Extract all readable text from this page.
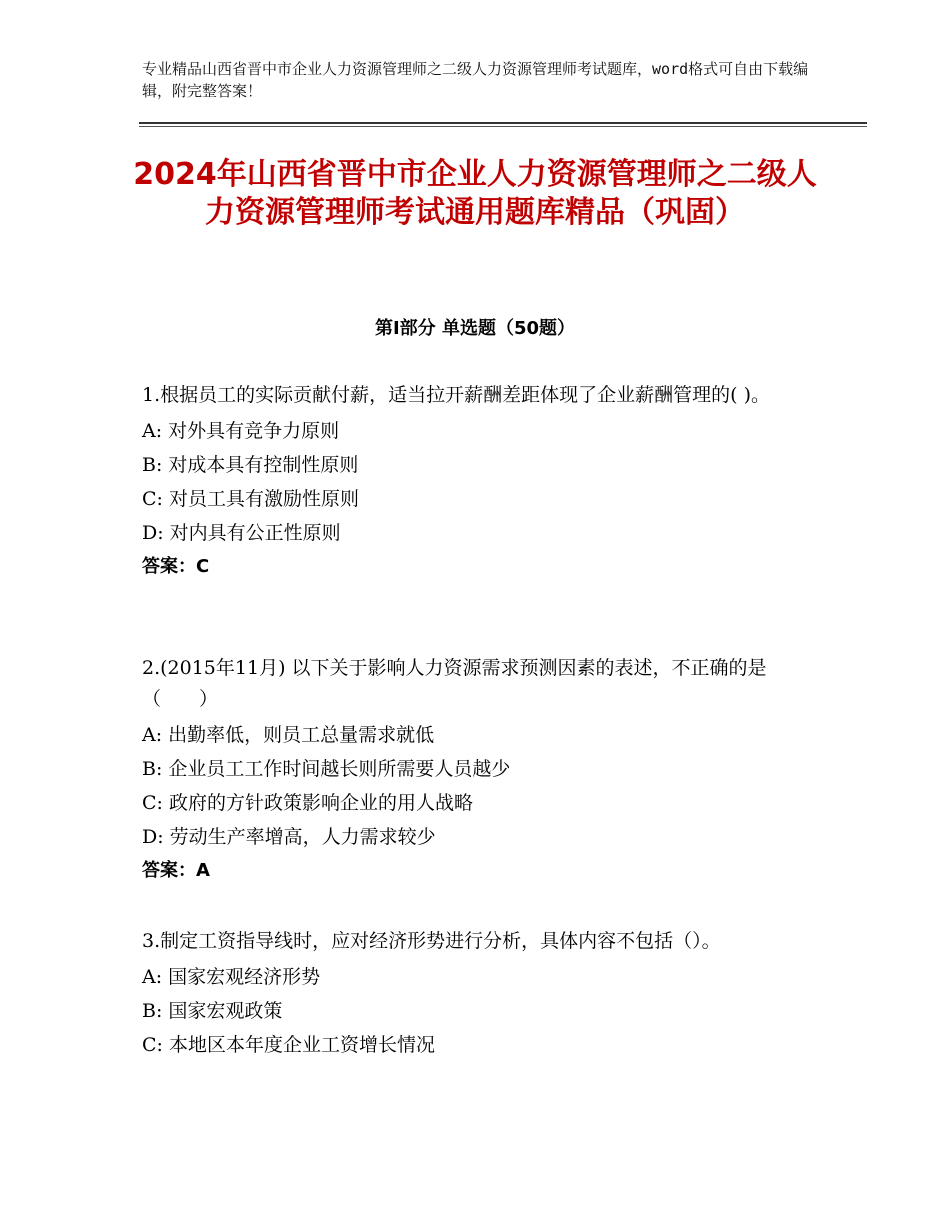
专业精品山西省晋中市企业人力资源管理师之二级人力资源管理师考试题库，word格式可自由下载编辑，附完整答案！
2024年山西省晋中市企业人力资源管理师之二级人力资源管理师考试通用题库精品（巩固）
第Ⅰ部分 单选题（50题）

1.根据员工的实际贡献付薪，适当拉开薪酬差距体现了企业薪酬管理的( )。

A: 对外具有竞争力原则

B: 对成本具有控制性原则

C: 对员工具有激励性原则

D: 对内具有公正性原则

答案：C

2.(2015年11月) 以下关于影响人力资源需求预测因素的表述，不正确的是 （　　）

A: 出勤率低，则员工总量需求就低

B: 企业员工工作时间越长则所需要人员越少

C: 政府的方针政策影响企业的用人战略

D: 劳动生产率增高，人力需求较少

答案：A

3.制定工资指导线时，应对经济形势进行分析，具体内容不包括（）。

A: 国家宏观经济形势

B: 国家宏观政策

C: 本地区本年度企业工资增长情况
